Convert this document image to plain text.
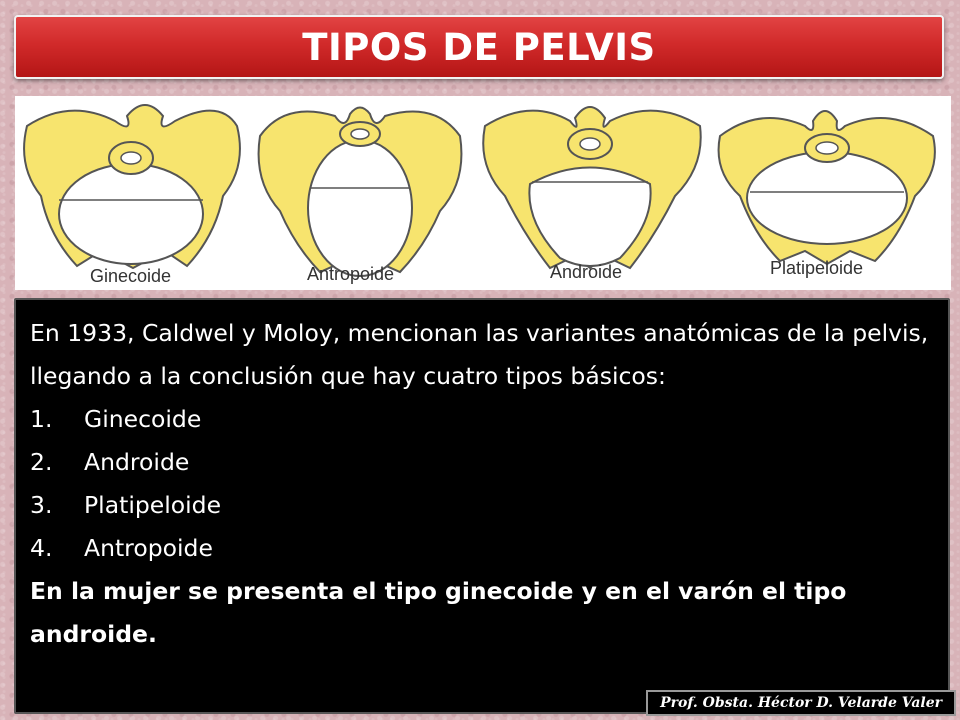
TIPOS DE PELVIS
Ginecoide	Antropoide	Androide	Platipeloide

En 1933, Caldwel y Moloy, mencionan las variantes anatómicas de la pelvis, llegando a la conclusión que hay cuatro tipos básicos:

1.	Ginecoide
2.	Androide
3.	Platipeloide
4.	Antropoide

En la mujer se presenta el tipo ginecoide y en el varón el tipo androide.

Prof. Obsta. Héctor D. Velarde Valer
